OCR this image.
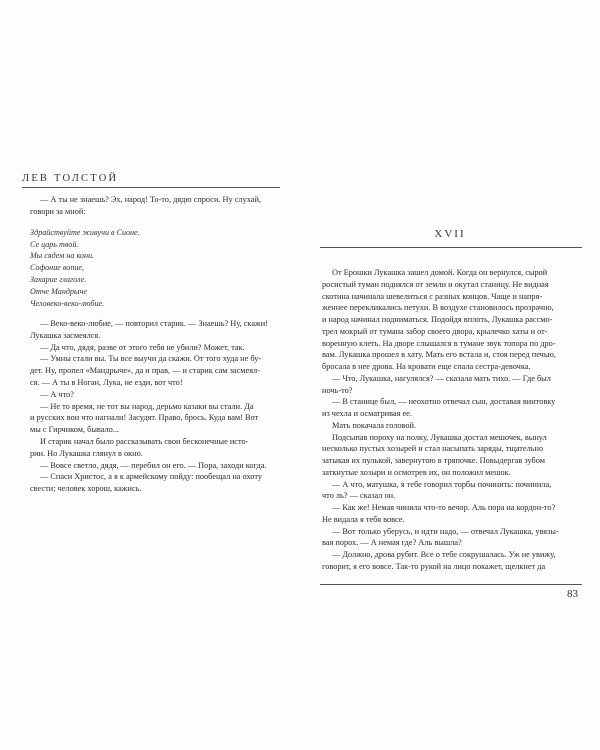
ЛЕВ ТОЛСТОЙ

— А ты не знаешь? Эх, народ! То-то, дядю спроси. Ну слухай,

говори за мной:

Здрайствуйте живучи в Сионе.

Се царь твой.

Мы сядем на кони.

Софоние вопие,

Захарие глаголе.

Отче Мандрыче

Человеко-веко-любие.

— Веко-веко-любие, — повторил старик. — Знаешь? Ну, скажи!

Лукашка засмеялся.

— Да что, дядя, разве от этого тебя не убили? Может, так.

— Умны стали вы. Ты все выучи да скажи. От того худа не бу-

дет. Ну, пропел «Мандрыче», да и прав, — и старик сам засмеял-

ся. — А ты в Ноган, Лука, не езди, вот что!

— А что?

— Не то время, не тот вы народ, дерьмо казаки вы стали. Да

и русских вон что нагнали! Засудят. Право, брось. Куда вам! Вот

мы с Гирчиком, бывало...

И старик начал было рассказывать свои бесконечные исто-

рии. Но Лукашка глянул в окно.

— Вовсе светло, дядя, — перебил он его. — Пора, заходи когда.

— Спаси Христос, а я к армейскому пойду: пообещал на охоту

свести; человек хорош, кажись.

XVII

От Ерошки Лукашка зашел домой. Когда он вернулся, сырой

росистый туман поднялся от земли и окутал станицу. Не видная

скотина начинала шевелиться с разных концов. Чаще и напря-

женнее перекликались петухи. В воздухе становилось прозрачно,

и народ начинал подниматься. Подойдя вплоть, Лукашка рассмо-

трел мокрый от тумана забор своего двора, крылечко хаты и от-

воренную клеть. На дворе слышался в тумане звук топора по дро-

вам. Лукашка прошел в хату. Мать его встала и, стоя перед печью,

бросала в нее дрова. На кровати еще спала сестра-девочка.

— Что, Лукашка, нагулялся? — сказала мать тихо. — Где был

ночь-то?

— В станице был, — неохотно отвечал сын, доставая винтовку

из чехла и осматривая ее.

Мать покачала головой.

Подсыпав пороху на полку, Лукашка достал мешочек, вынул

несколько пустых хозырей и стал насыпать заряды, тщательно

затыкая их пулькой, завернутою в тряпочке. Повыдергав зубом

заткнутые хозыри и осмотрев их, он положил мешок.

— А что, матушка, я тебе говорил торбы починить: починила,

что ль? — сказал он.

— Как же! Немая чинила что-то вечор. Аль пора на кордон-то?

Не видала я тебя вовсе.

— Вот только уберусь, и идти надо, — отвечал Лукашка, увязы-

вая порох. — А немая где? Аль вышла?

— Должно, дрова рубит. Все о тебе сокрушалась. Уж не увижу,

говорит, я его вовсе. Так-то рукой на лицо покажет, щелкнет да

83
